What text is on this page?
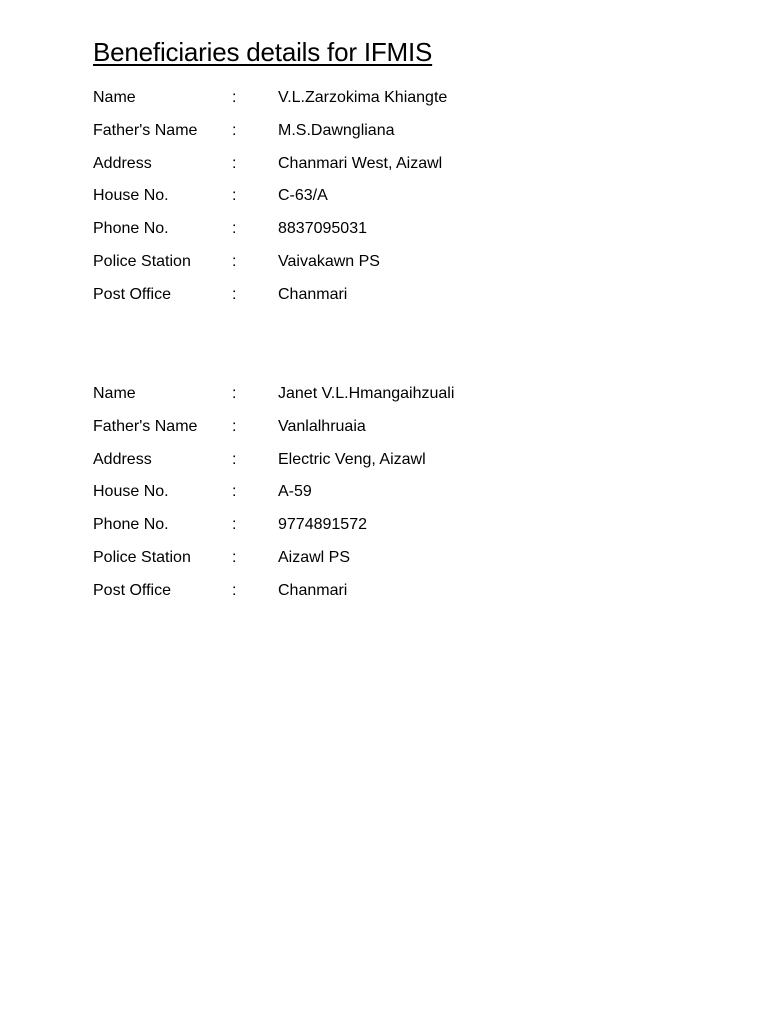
Beneficiaries details for IFMIS
Name	:	V.L.Zarzokima Khiangte
Father's Name :	M.S.Dawngliana
Address	:	Chanmari West, Aizawl
House No.	:	C-63/A
Phone No.	:	8837095031
Police Station	:	Vaivakawn PS
Post Office	:	Chanmari
Name	:	Janet V.L.Hmangaihzuali
Father's Name :	Vanlalhruaia
Address	:	Electric Veng, Aizawl
House No.	:	A-59
Phone No.	:	9774891572
Police Station	:	Aizawl PS
Post Office	:	Chanmari
